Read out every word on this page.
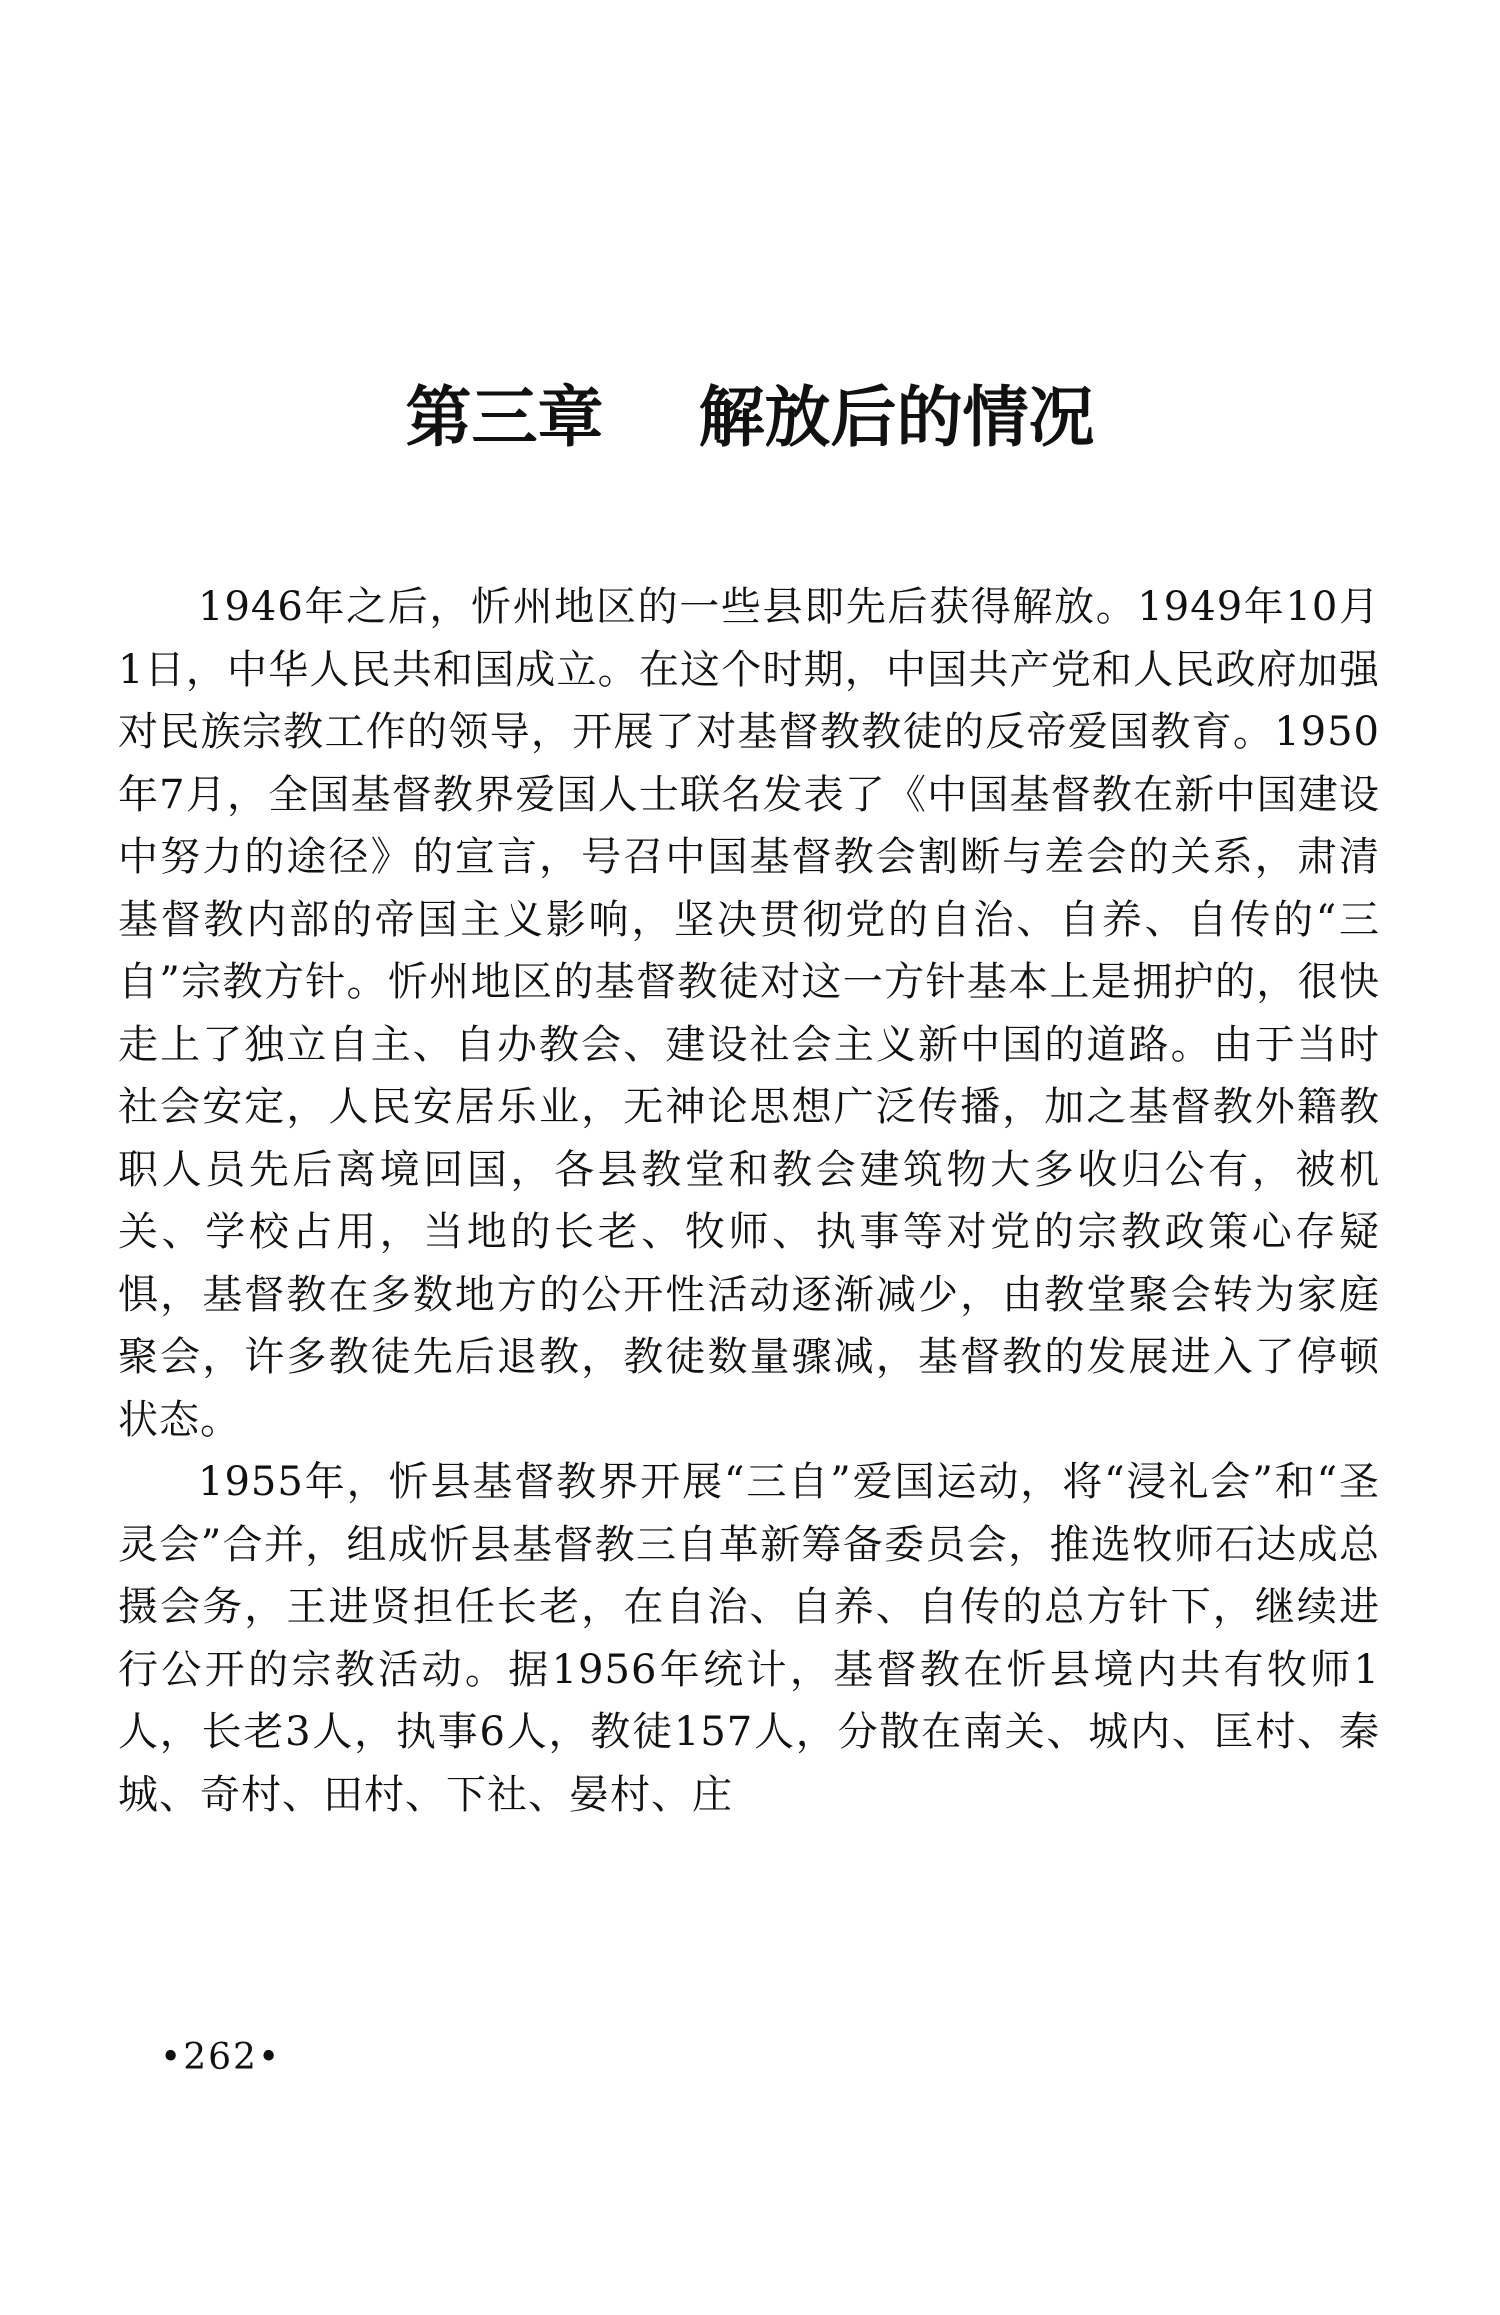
第三章 解放后的情况

1946年之后，忻州地区的一些县即先后获得解放。1949年10月1日，中华人民共和国成立。在这个时期，中国共产党和人民政府加强对民族宗教工作的领导，开展了对基督教教徒的反帝爱国教育。1950年7月，全国基督教界爱国人士联名发表了《中国基督教在新中国建设中努力的途径》的宣言，号召中国基督教会割断与差会的关系，肃清基督教内部的帝国主义影响，坚决贯彻党的自治、自养、自传的“三自”宗教方针。忻州地区的基督教徒对这一方针基本上是拥护的，很快走上了独立自主、自办教会、建设社会主义新中国的道路。由于当时社会安定，人民安居乐业，无神论思想广泛传播，加之基督教外籍教职人员先后离境回国，各县教堂和教会建筑物大多收归公有，被机关、学校占用，当地的长老、牧师、执事等对党的宗教政策心存疑惧，基督教在多数地方的公开性活动逐渐减少，由教堂聚会转为家庭聚会，许多教徒先后退教，教徒数量骤减，基督教的发展进入了停顿状态。

1955年，忻县基督教界开展“三自”爱国运动，将“浸礼会”和“圣灵会”合并，组成忻县基督教三自革新筹备委员会，推选牧师石达成总摄会务，王进贤担任长老，在自治、自养、自传的总方针下，继续进行公开的宗教活动。据1956年统计，基督教在忻县境内共有牧师1人，长老3人，执事6人，教徒157人，分散在南关、城内、匡村、秦城、奇村、田村、下社、晏村、庄

•262•
